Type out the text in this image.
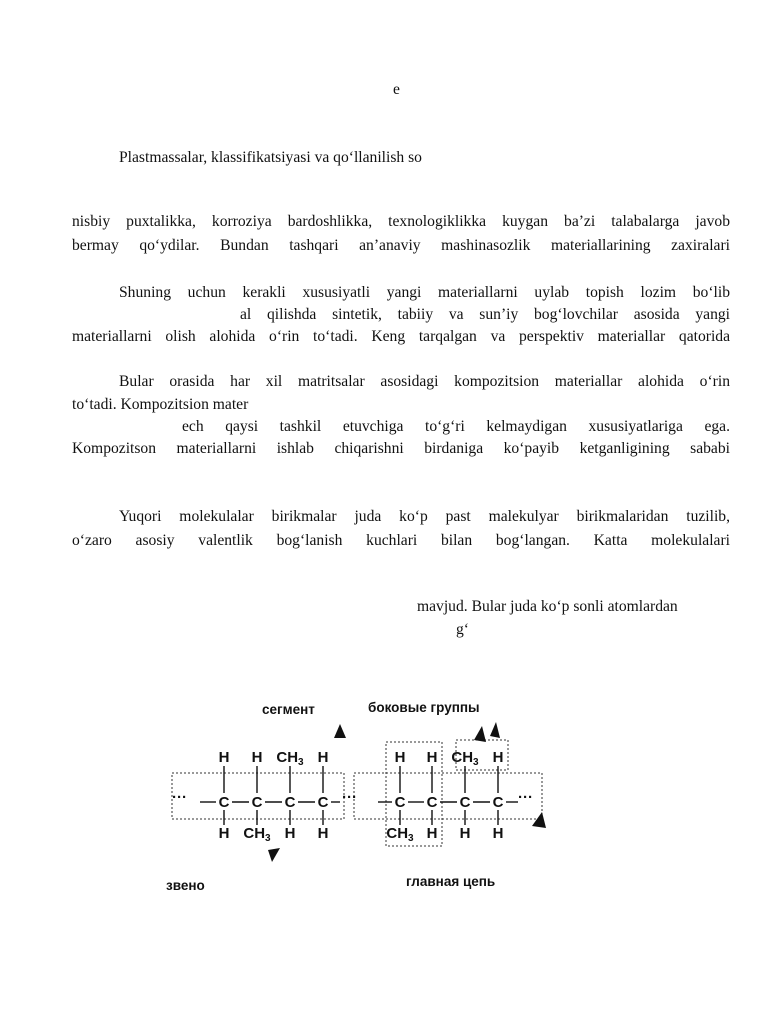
e
Plastmassalar, klassifikatsiyasi va qo‘llanilish so
nisbiy puxtalikka, korroziya bardoshlikka, texnologiklikka kuygan ba’zi talabalarga javob
bermay qo‘ydilar. Bundan tashqari an’anaviy mashinasozlik materiallarining zaxiralari
Shuning uchun kerakli xususiyatli yangi materiallarni uylab topish lozim bo‘lib
al qilishda sintetik, tabiiy va sun’iy bog‘lovchilar asosida yangi
materiallarni olish alohida o‘rin to‘tadi. Keng tarqalgan va perspektiv materiallar qatorida
Bular orasida har xil matritsalar asosidagi kompozitsion materiallar alohida o‘rin
to‘tadi. Kompozitsion mater
ech qaysi tashkil etuvchiga to‘g‘ri kelmaydigan xususiyatlariga ega.
Kompozitson materiallarni ishlab chiqarishni birdaniga ko‘payib ketganligining sababi
Yuqori molekulalar birikmalar juda ko‘p past malekulyar birikmalaridan tuzilib,
o‘zaro asosiy valentlik bog‘lanish kuchlari bilan bog‘langan. Katta molekulalari
mavjud. Bular juda ko‘p sonli atomlardan
g‘
сегмент	боковые группы
звено	главная цепь
···	···	···
C
H
H
C
H
$CH_3$
C
$CH_3$
H
C
H
H
C
H
$CH_3$
C
H
H
C
$CH_3$
H
C
H
H
